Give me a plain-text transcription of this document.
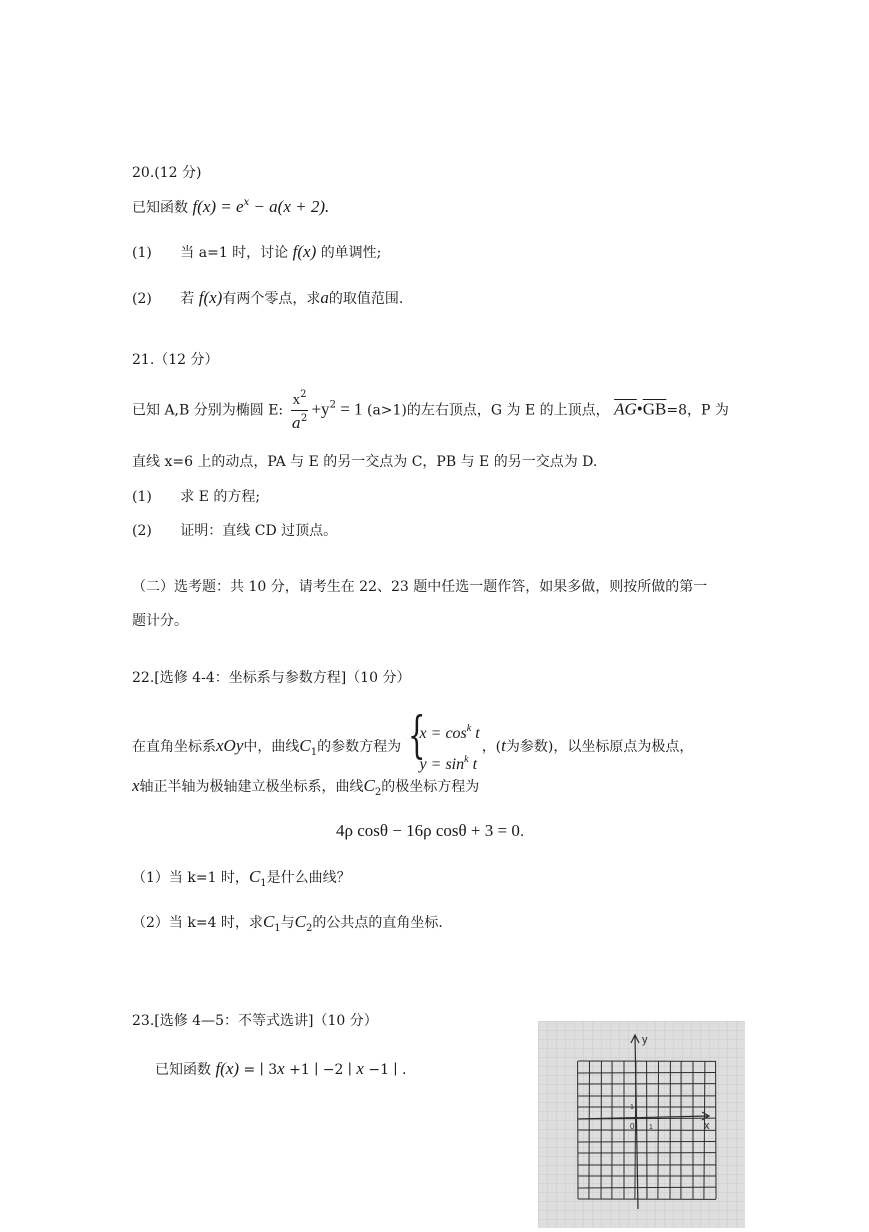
20.(12 分)
已知函数 $f(x) = e^x - a(x + 2)$.
(1) 当 a=1 时，讨论 f(x) 的单调性;
(2) 若 f(x)有两个零点，求a的取值范围.
21.（12 分）
已知 A,B 分别为椭圆 E: $\frac{x^2}{a^2} +y^2 = 1$ (a>1)的左右顶点，G 为 E 的上顶点， $\overline{AG}•\overline{GB}=8$，P 为
直线 x=6 上的动点，PA 与 E 的另一交点为 C，PB 与 E 的另一交点为 D.
(1) 求 E 的方程;
(2) 证明：直线 CD 过顶点。
（二）选考题：共 10 分，请考生在 22、23 题中任选一题作答，如果多做，则按所做的第一
题计分。
22.[选修 4-4：坐标系与参数方程]（10 分）
在直角坐标系xOy中，曲线$C_1$的参数方程为 {
$x = \cos^k t$
$y = \sin^k t$
，(t为参数)，以坐标原点为极点，
x轴正半轴为极轴建立极坐标系，曲线$C_2$的极坐标方程为
4ρ cosθ − 16ρ cosθ + 3 = 0.
（1）当 k=1 时，$C_1$是什么曲线？
（2）当 k=4 时，求$C_1$与$C_2$的公共点的直角坐标.
23.[选修 4—5：不等式选讲]（10 分）
已知函数 f(x) = ∣ 3x +1 ∣ −2 ∣ x −1 ∣ .
y
x
0 1
1
